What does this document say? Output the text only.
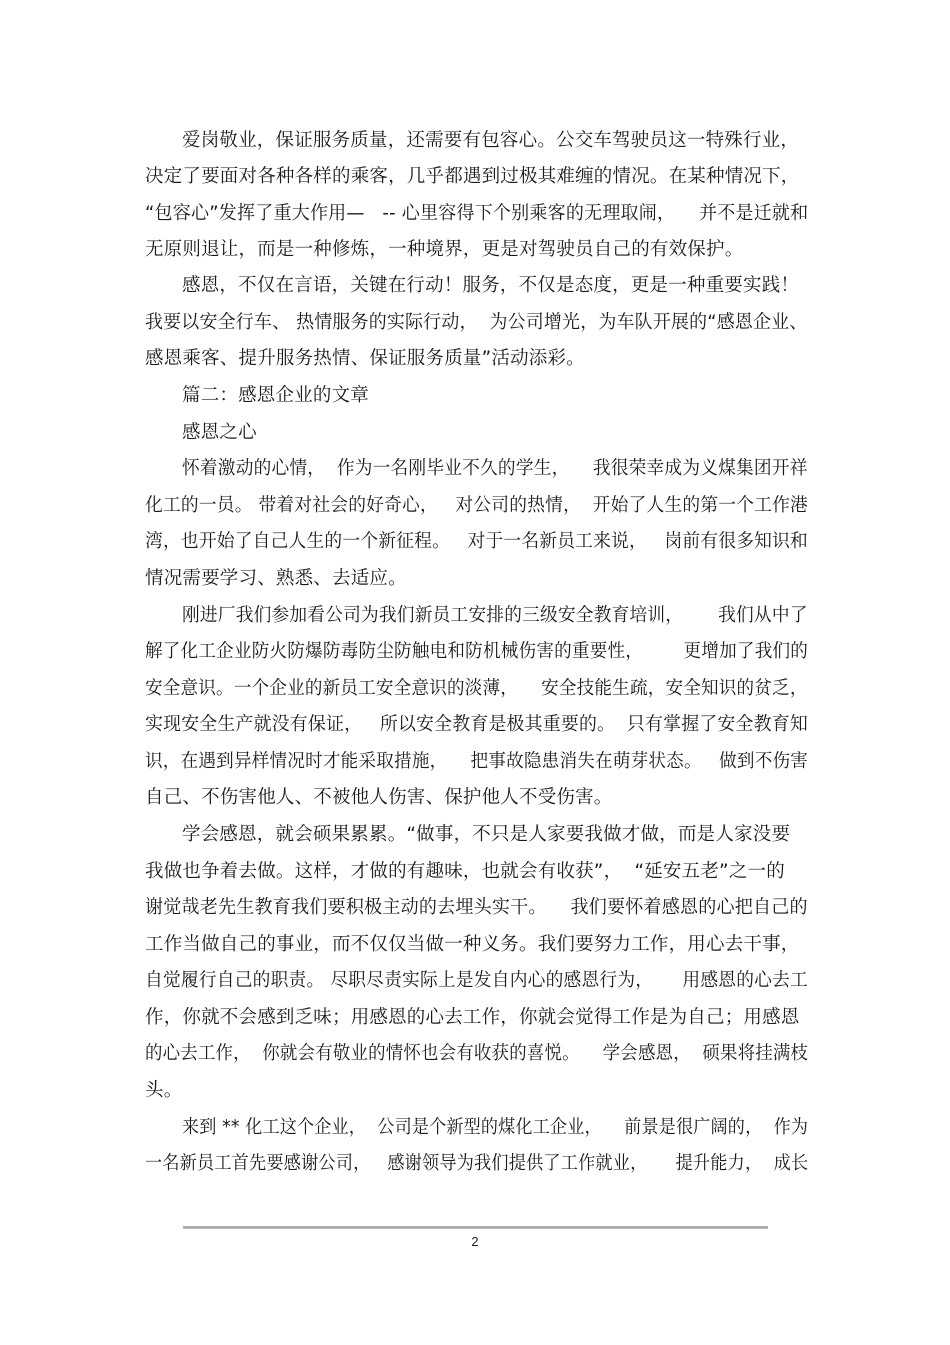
爱岗敬业，保证服务质量，还需要有包容心。公交车驾驶员这一特殊行业，
决定了要面对各种各样的乘客，几乎都遇到过极其难缠的情况。在某种情况下，
“包容心”发挥了重大作用—   -- 心里容得下个别乘客的无理取闹，    并不是迁就和
无原则退让，而是一种修炼，一种境界，更是对驾驶员自己的有效保护。
感恩，不仅在言语，关键在行动！服务，不仅是态度，更是一种重要实践！
我要以安全行车、 热情服务的实际行动，  为公司增光，为车队开展的“感恩企业、
感恩乘客、提升服务热情、保证服务质量”活动添彩。
篇二：感恩企业的文章
感恩之心
怀着激动的心情，  作为一名刚毕业不久的学生，    我很荣幸成为义煤集团开祥
化工的一员。 带着对社会的好奇心，   对公司的热情，  开始了人生的第一个工作港
湾，也开始了自己人生的一个新征程。   对于一名新员工来说，   岗前有很多知识和
情况需要学习、熟悉、去适应。
刚进厂我们参加看公司为我们新员工安排的三级安全教育培训，      我们从中了
解了化工企业防火防爆防毒防尘防触电和防机械伤害的重要性，       更增加了我们的
安全意识。一个企业的新员工安全意识的淡薄，    安全技能生疏，安全知识的贫乏，
实现安全生产就没有保证，   所以安全教育是极其重要的。  只有掌握了安全教育知
识，在遇到异样情况时才能采取措施，    把事故隐患消失在萌芽状态。   做到不伤害
自己、不伤害他人、不被他人伤害、保护他人不受伤害。
学会感恩，就会硕果累累。“做事，不只是人家要我做才做，而是人家没要
我做也争着去做。这样，才做的有趣味，也就会有收获”，  “延安五老”之一的
谢觉哉老先生教育我们要积极主动的去埋头实干。    我们要怀着感恩的心把自己的
工作当做自己的事业，而不仅仅当做一种义务。我们要努力工作，用心去干事，
自觉履行自己的职责。 尽职尽责实际上是发自内心的感恩行为，     用感恩的心去工
作，你就不会感到乏味；用感恩的心去工作，你就会觉得工作是为自己；用感恩
的心去工作，  你就会有敬业的情怀也会有收获的喜悦。    学会感恩，  硕果将挂满枝
头。
来到 ** 化工这个企业，  公司是个新型的煤化工企业，    前景是很广阔的，  作为
一名新员工首先要感谢公司，   感谢领导为我们提供了工作就业，     提升能力，  成长
2
